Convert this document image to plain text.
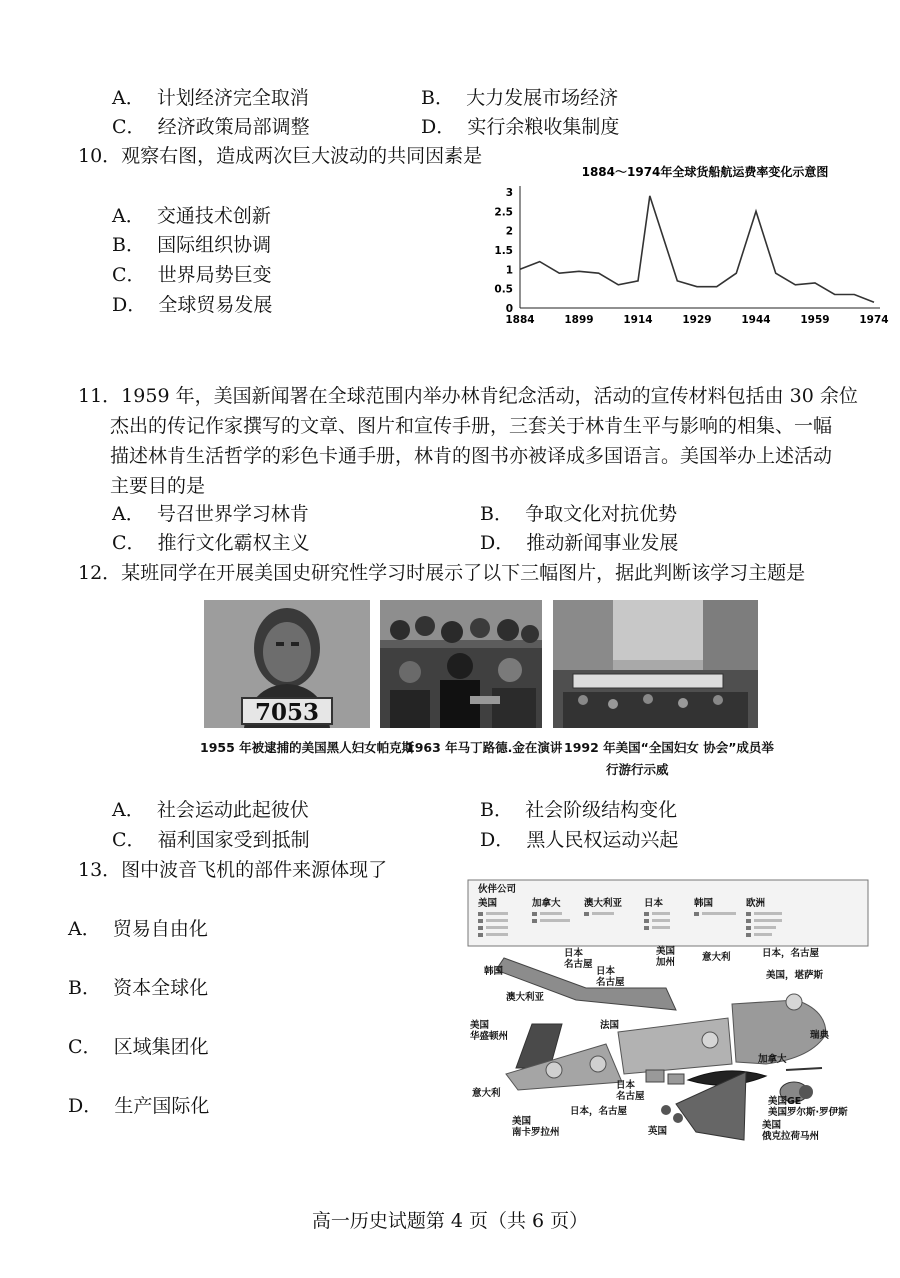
A． 计划经济完全取消	B． 大力发展市场经济
C． 经济政策局部调整	D． 实行余粮收集制度
10．观察右图，造成两次巨大波动的共同因素是
A． 交通技术创新
B． 国际组织协调
C． 世界局势巨变
D． 全球贸易发展
1884～1974年全球货船航运费率变化示意图
0
0.5
1
1.5
2
2.5
3
1884	1899	1914	1929	1944	1959	1974
11．1959 年，美国新闻署在全球范围内举办林肯纪念活动，活动的宣传材料包括由 30 余位
杰出的传记作家撰写的文章、图片和宣传手册，三套关于林肯生平与影响的相集、一幅
描述林肯生活哲学的彩色卡通手册，林肯的图书亦被译成多国语言。美国举办上述活动
主要目的是
A． 号召世界学习林肯	B． 争取文化对抗优势
C． 推行文化霸权主义	D． 推动新闻事业发展
12．某班同学在开展美国史研究性学习时展示了以下三幅图片，据此判断该学习主题是
7053
1955 年被逮捕的美国黑人妇女帕克斯
1963 年马丁路德.金在演讲 1992 年美国“全国妇女 协会”成员举
行游行示威
A． 社会运动此起彼伏	B． 社会阶级结构变化
C． 福利国家受到抵制	D． 黑人民权运动兴起
13．图中波音飞机的部件来源体现了
A． 贸易自由化
B． 资本全球化
C． 区域集团化
D． 生产国际化
伙伴公司
美国	加拿大 澳大利亚 日本	韩国	欧洲
日本名古屋
日本名古屋
美国加州	意大利	日本，名古屋
韩国
澳大利亚
美国，堪萨斯
美国华盛顿州
法国
瑞典
加拿大
意大利
日本名古屋
日本，名古屋
美国GE 美国罗尔斯·罗伊斯
美国南卡罗拉州	英国
美国俄克拉荷马州
高一历史试题第 4 页（共 6 页）
